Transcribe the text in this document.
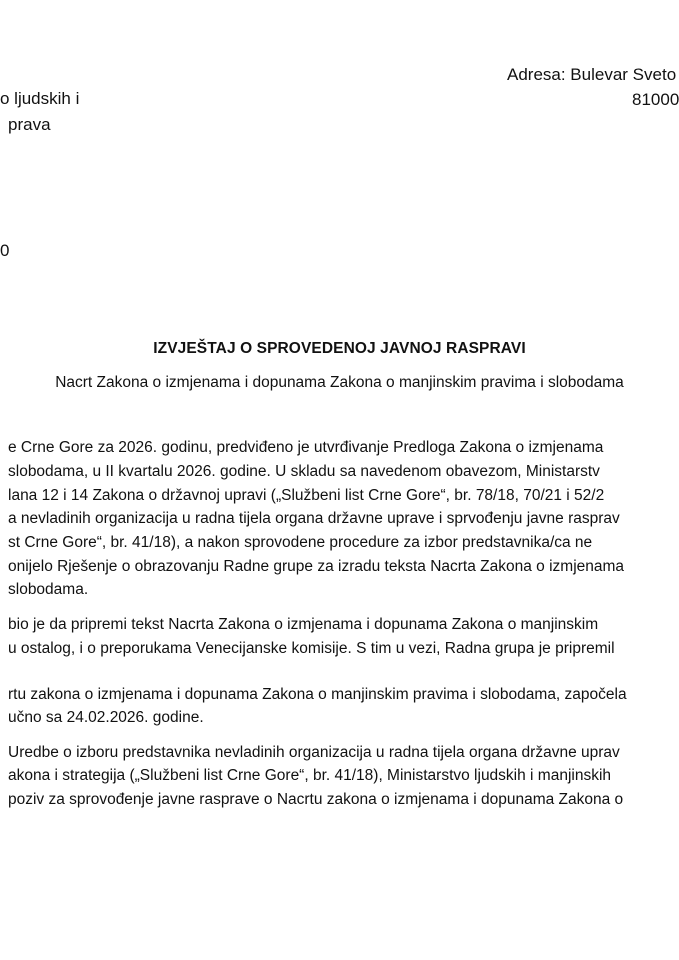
o ljudskih i
prava
Adresa: Bulevar Sveto
81000
0
IZVJEŠTAJ O SPROVEDENOJ JAVNOJ RASPRAVI
Nacrt Zakona o izmjenama i dopunama Zakona o manjinskim pravima i slobodama
e Crne Gore za 2026. godinu, predviđeno je utvrđivanje Predloga Zakona o izmjenama
slobodama, u II kvartalu 2026. godine. U skladu sa navedenom obavezom, Ministarstv
lana 12 i 14 Zakona o državnoj upravi („Službeni list Crne Gore“, br. 78/18, 70/21 i 52/2
a nevladinih organizacija u radna tijela organa državne uprave i sprvođenju javne rasprav
st Crne Gore“, br. 41/18), a nakon sprovodene procedure za izbor predstavnika/ca ne
onijelo Rješenje o obrazovanju Radne grupe za izradu teksta Nacrta Zakona o izmjenama
slobodama.
bio je da pripremi tekst Nacrta Zakona o izmjenama i dopunama Zakona o manjinskim
u ostalog, i o preporukama Venecijanske komisije. S tim u vezi, Radna grupa je pripremil
rtu zakona o izmjenama i dopunama Zakona o manjinskim pravima i slobodama, započela
učno sa 24.02.2026. godine.
Uredbe o izboru predstavnika nevladinih organizacija u radna tijela organa državne uprav
akona i strategija („Službeni list Crne Gore“, br. 41/18), Ministarstvo ljudskih i manjinskih
poziv za sprovođenje javne rasprave o Nacrtu zakona o izmjenama i dopunama Zakona o
